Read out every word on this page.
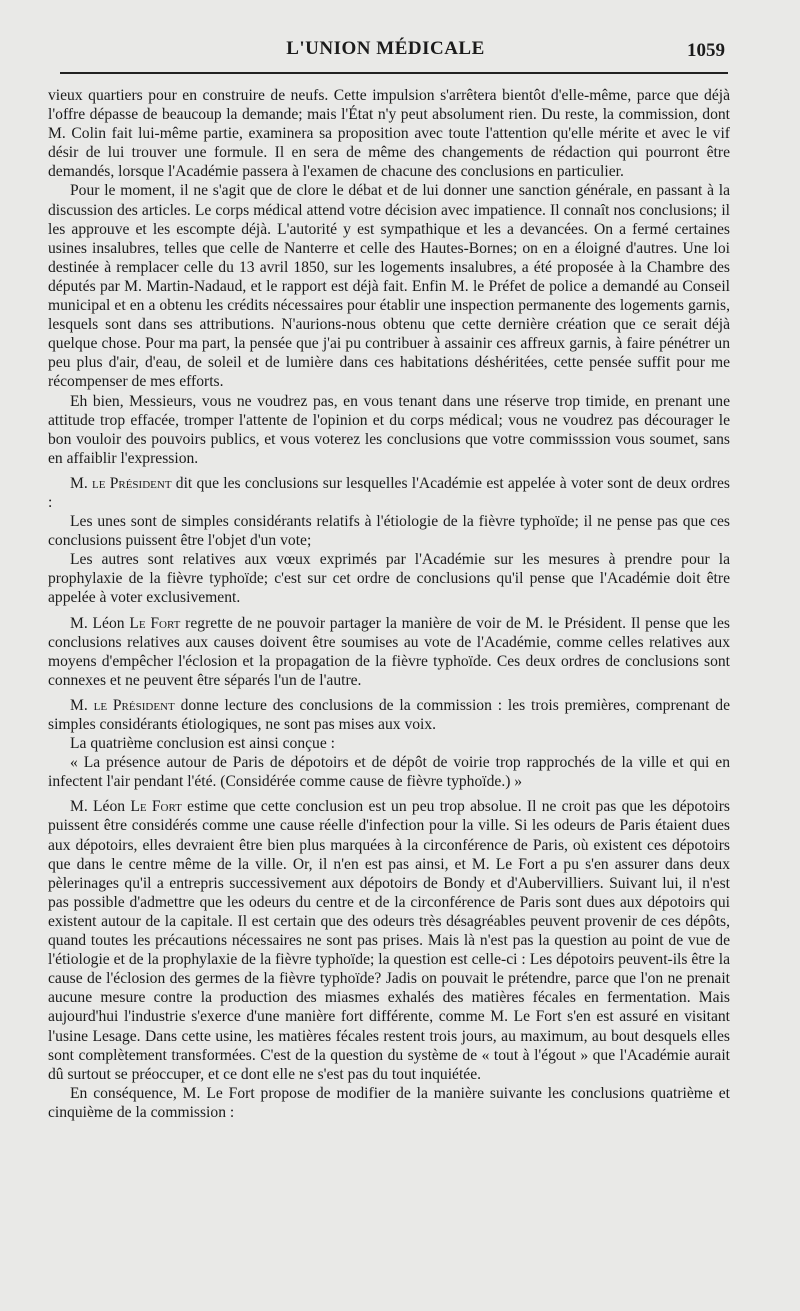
L'UNION MÉDICALE	1059

vieux quartiers pour en construire de neufs. Cette impulsion s'arrêtera bientôt d'elle-même, parce que déjà l'offre dépasse de beaucoup la demande; mais l'État n'y peut absolument rien. Du reste, la commission, dont M. Colin fait lui-même partie, examinera sa proposition avec toute l'attention qu'elle mérite et avec le vif désir de lui trouver une formule. Il en sera de même des changements de rédaction qui pourront être demandés, lorsque l'Académie passera à l'examen de chacune des conclusions en particulier.

Pour le moment, il ne s'agit que de clore le débat et de lui donner une sanction générale, en passant à la discussion des articles. Le corps médical attend votre décision avec impatience. Il connaît nos conclusions; il les approuve et les escompte déjà. L'autorité y est sympathique et les a devancées. On a fermé certaines usines insalubres, telles que celle de Nanterre et celle des Hautes-Bornes; on en a éloigné d'autres. Une loi destinée à remplacer celle du 13 avril 1850, sur les logements insalubres, a été proposée à la Chambre des députés par M. Martin-Nadaud, et le rapport est déjà fait. Enfin M. le Préfet de police a demandé au Conseil municipal et en a obtenu les crédits nécessaires pour établir une inspection permanente des logements garnis, lesquels sont dans ses attributions. N'aurions-nous obtenu que cette dernière création que ce serait déjà quelque chose. Pour ma part, la pensée que j'ai pu contribuer à assainir ces affreux garnis, à faire pénétrer un peu plus d'air, d'eau, de soleil et de lumière dans ces habitations déshéritées, cette pensée suffit pour me récompenser de mes efforts.

Eh bien, Messieurs, vous ne voudrez pas, en vous tenant dans une réserve trop timide, en prenant une attitude trop effacée, tromper l'attente de l'opinion et du corps médical; vous ne voudrez pas décourager le bon vouloir des pouvoirs publics, et vous voterez les conclusions que votre commisssion vous soumet, sans en affaiblir l'expression.

M. le Président dit que les conclusions sur lesquelles l'Académie est appelée à voter sont de deux ordres :

Les unes sont de simples considérants relatifs à l'étiologie de la fièvre typhoïde; il ne pense pas que ces conclusions puissent être l'objet d'un vote;

Les autres sont relatives aux vœux exprimés par l'Académie sur les mesures à prendre pour la prophylaxie de la fièvre typhoïde; c'est sur cet ordre de conclusions qu'il pense que l'Académie doit être appelée à voter exclusivement.

M. Léon Le Fort regrette de ne pouvoir partager la manière de voir de M. le Président. Il pense que les conclusions relatives aux causes doivent être soumises au vote de l'Académie, comme celles relatives aux moyens d'empêcher l'éclosion et la propagation de la fièvre typhoïde. Ces deux ordres de conclusions sont connexes et ne peuvent être séparés l'un de l'autre.

M. le Président donne lecture des conclusions de la commission : les trois premières, comprenant de simples considérants étiologiques, ne sont pas mises aux voix.

La quatrième conclusion est ainsi conçue :

« La présence autour de Paris de dépotoirs et de dépôt de voirie trop rapprochés de la ville et qui en infectent l'air pendant l'été. (Considérée comme cause de fièvre typhoïde.) »

M. Léon Le Fort estime que cette conclusion est un peu trop absolue. Il ne croit pas que les dépotoirs puissent être considérés comme une cause réelle d'infection pour la ville. Si les odeurs de Paris étaient dues aux dépotoirs, elles devraient être bien plus marquées à la circonférence de Paris, où existent ces dépotoirs que dans le centre même de la ville. Or, il n'en est pas ainsi, et M. Le Fort a pu s'en assurer dans deux pèlerinages qu'il a entrepris successivement aux dépotoirs de Bondy et d'Aubervilliers. Suivant lui, il n'est pas possible d'admettre que les odeurs du centre et de la circonférence de Paris sont dues aux dépotoirs qui existent autour de la capitale. Il est certain que des odeurs très désagréables peuvent provenir de ces dépôts, quand toutes les précautions nécessaires ne sont pas prises. Mais là n'est pas la question au point de vue de l'étiologie et de la prophylaxie de la fièvre typhoïde; la question est celle-ci : Les dépotoirs peuvent-ils être la cause de l'éclosion des germes de la fièvre typhoïde? Jadis on pouvait le prétendre, parce que l'on ne prenait aucune mesure contre la production des miasmes exhalés des matières fécales en fermentation. Mais aujourd'hui l'industrie s'exerce d'une manière fort différente, comme M. Le Fort s'en est assuré en visitant l'usine Lesage. Dans cette usine, les matières fécales restent trois jours, au maximum, au bout desquels elles sont complètement transformées. C'est de la question du système de « tout à l'égout » que l'Académie aurait dû surtout se préoccuper, et ce dont elle ne s'est pas du tout inquiétée.

En conséquence, M. Le Fort propose de modifier de la manière suivante les conclusions quatrième et cinquième de la commission :
